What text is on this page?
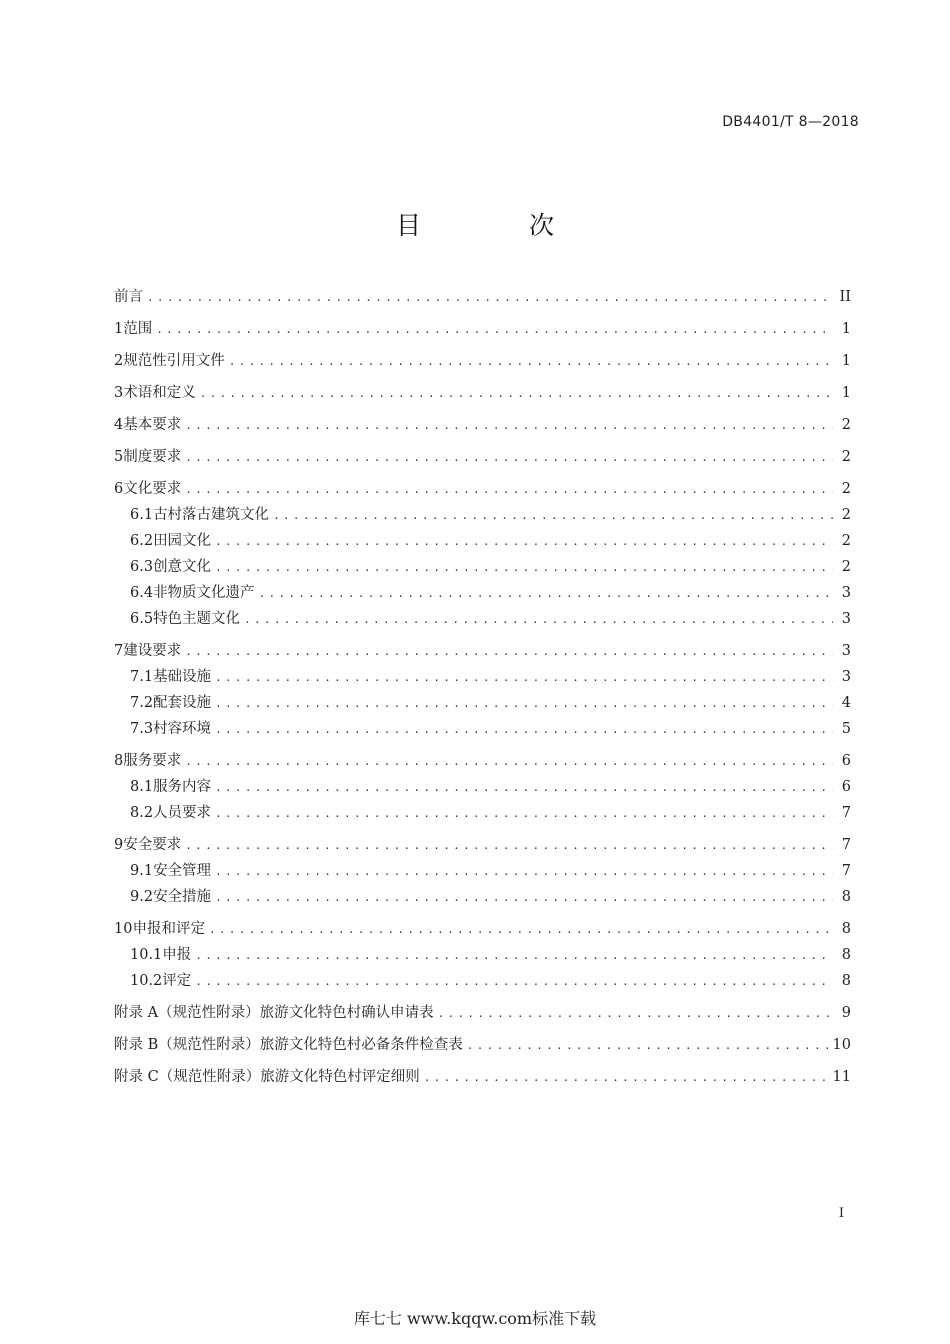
DB4401/T 8—2018
目 次
前言 .....	II
1 范围 .....	1
2 规范性引用文件 .....	1
3 术语和定义 .....	1
4 基本要求 .....	2
5 制度要求 .....	2
6 文化要求 .....	2
6.1 古村落古建筑文化 .....	2
6.2 田园文化 .....	2
6.3 创意文化 .....	2
6.4 非物质文化遗产 .....	3
6.5 特色主题文化 .....	3
7 建设要求 .....	3
7.1 基础设施 .....	3
7.2 配套设施 .....	4
7.3 村容环境 .....	5
8 服务要求 .....	6
8.1 服务内容 .....	6
8.2 人员要求 .....	7
9 安全要求 .....	7
9.1 安全管理 .....	7
9.2 安全措施 .....	8
10 申报和评定 .....	8
10.1 申报 .....	8
10.2 评定 .....	8
附录 A （规范性附录） 旅游文化特色村确认申请表 .....	9
附录 B （规范性附录） 旅游文化特色村必备条件检查表 .....	10
附录 C （规范性附录） 旅游文化特色村评定细则 .....	11
I
库七七 www.kqqw.com标准下载
